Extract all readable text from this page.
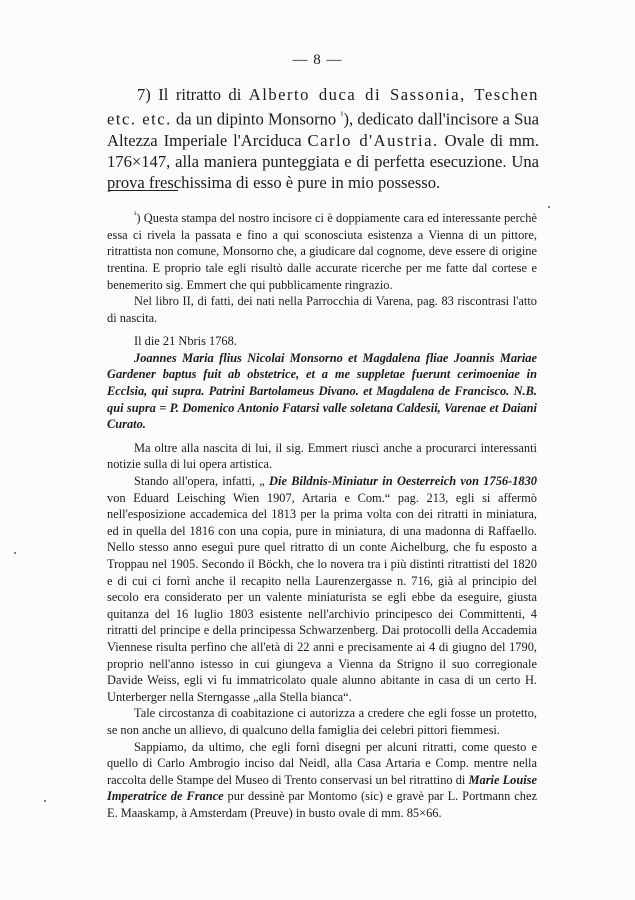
— 8 —

7) Il ritratto di Alberto duca di Sassonia, Teschen etc. etc. da un dipinto Monsorno $^{^1}$), dedicato dall'incisore a Sua Altezza Imperiale l'Arciduca Carlo d'Austria. Ovale di mm. 176×147, alla maniera punteggiata e di perfetta esecuzione. Una prova freschissima di esso è pure in mio possesso.

$^{^1}$) Questa stampa del nostro incisore ci è doppiamente cara ed interessante perchè essa ci rivela la passata e fino a qui sconosciuta esistenza a Vienna di un pittore, ritrattista non comune, Monsorno che, a giudicare dal cognome, deve essere di origine trentina. E proprio tale egli risultò dalle accurate ricerche per me fatte dal cortese e benemerito sig. Emmert che qui pubblicamente ringrazio.

Nel libro II, di fatti, dei nati nella Parrocchia di Varena, pag. 83 riscontrasi l'atto di nascita.

Il die 21 Nbris 1768.

Joannes Maria flius Nicolai Monsorno et Magdalena fliae Joannis Mariae Gardener baptus fuit ab obstetrice, et a me suppletae fuerunt cerimoeniae in Ecclsia, qui supra. Patrini Bartolameus Divano. et Magdalena de Francisco. N.B. qui supra = P. Domenico Antonio Fatarsi valle soletana Caldesii, Varenae et Daiani Curato.

Ma oltre alla nascita di lui, il sig. Emmert riuscì anche a procurarci interessanti notizie sulla di lui opera artistica.

Stando all'opera, infatti, „ Die Bildnis-Miniatur in Oesterreich von 1756-1830 von Eduard Leisching Wien 1907, Artaria e Com.“ pag. 213, egli si affermò nell'esposizione accademica del 1813 per la prima volta con dei ritratti in miniatura, ed in quella del 1816 con una copia, pure in miniatura, di una madonna di Raffaello. Nello stesso anno eseguì pure quel ritratto di un conte Aichelburg, che fu esposto a Troppau nel 1905. Secondo il Böckh, che lo novera tra i più distinti ritrattisti del 1820 e di cui ci fornì anche il recapito nella Laurenzergasse n. 716, già al principio del secolo era considerato per un valente miniaturista se egli ebbe da eseguire, giusta quitanza del 16 luglio 1803 esistente nell'archivio principesco dei Committenti, 4 ritratti del principe e della principessa Schwarzenberg. Dai protocolli della Accademia Viennese risulta perfino che all'età di 22 anni e precisamente ai 4 di giugno del 1790, proprio nell'anno istesso in cui giungeva a Vienna da Strigno il suo corregionale Davide Weiss, egli vi fu immatricolato quale alunno abitante in casa di un certo H. Unterberger nella Sterngasse „alla Stella bianca“.

Tale circostanza di coabitazione ci autorizza a credere che egli fosse un protetto, se non anche un allievo, di qualcuno della famiglia dei celebri pittori fiemmesi.

Sappiamo, da ultimo, che egli fornì disegni per alcuni ritratti, come questo e quello di Carlo Ambrogio inciso dal Neidl, alla Casa Artaria e Comp. mentre nella raccolta delle Stampe del Museo di Trento conservasi un bel ritrattino di Marie Louise Imperatrice de France pur dessinè par Montomo (sic) e gravè par L. Portmann chez E. Maaskamp, à Amsterdam (Preuve) in busto ovale di mm. 85×66.
